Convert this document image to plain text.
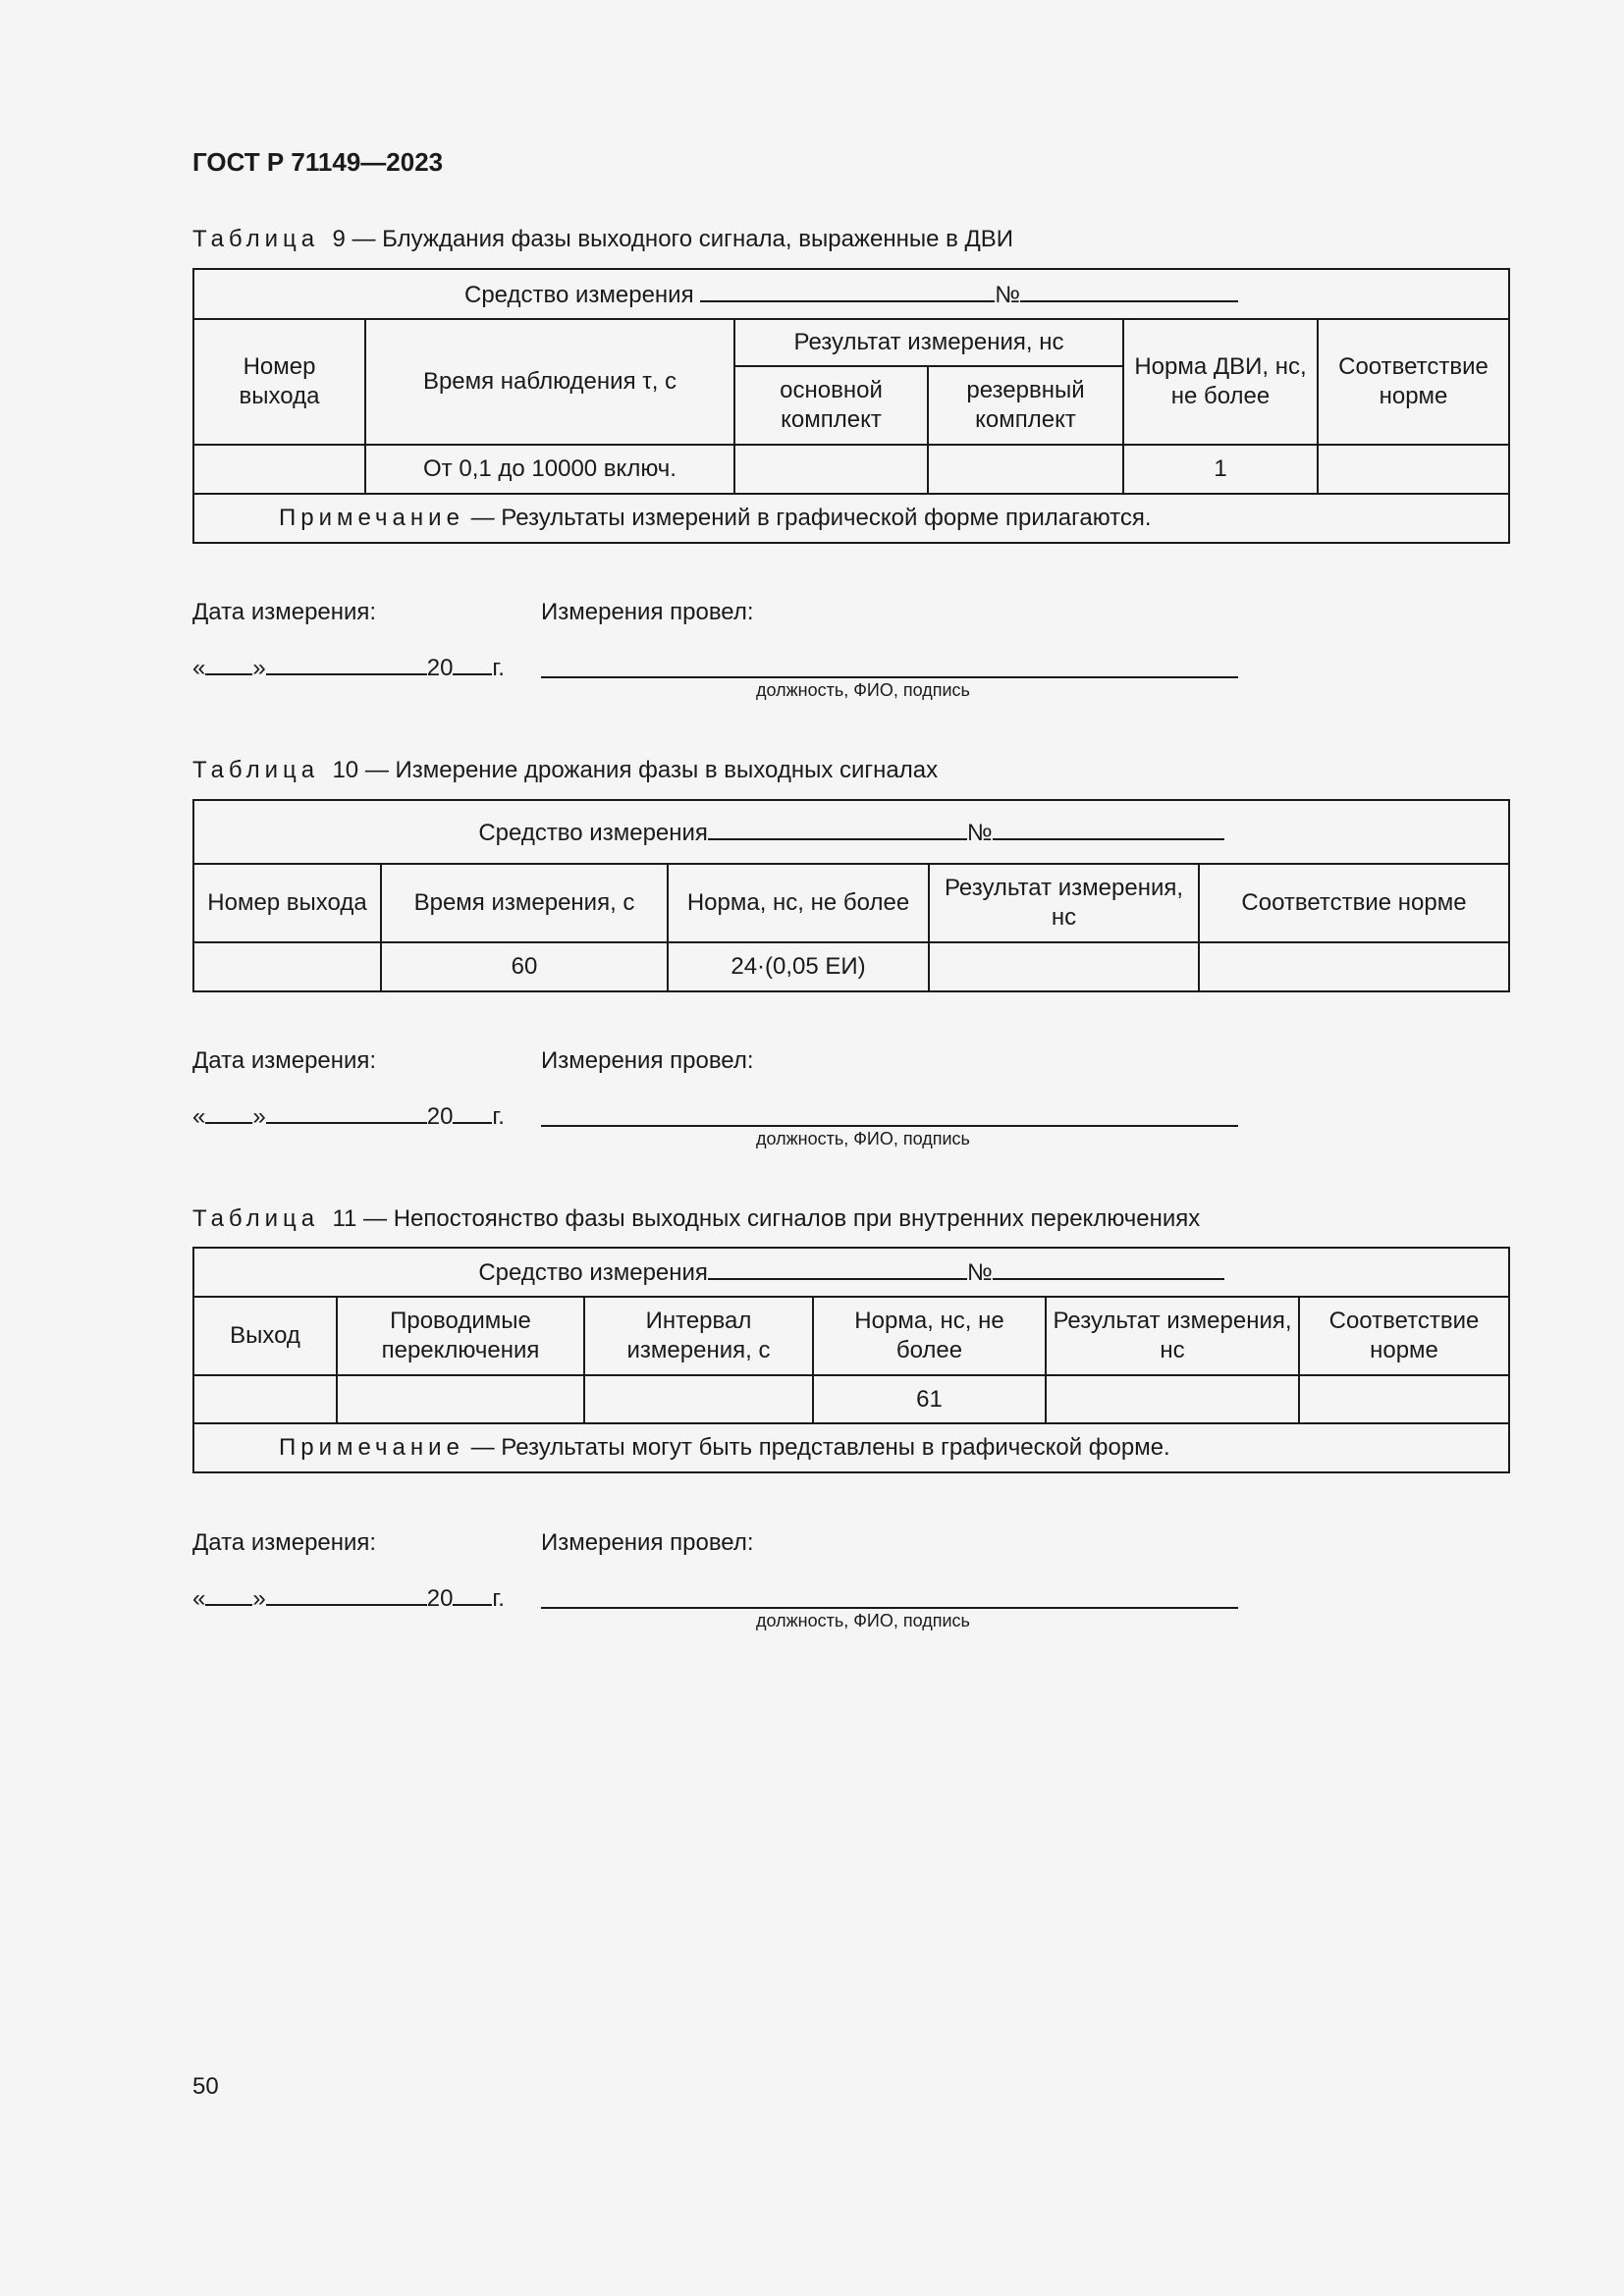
ГОСТ Р 71149—2023
Таблица 9 — Блуждания фазы выходного сигнала, выраженные в ДВИ
Средство измерения №					
Номер выхода	Время наблюдения τ, с	Результат измерения, нс		Норма ДВИ, нс, не более	Соответствие норме
		основной комплект	резервный комплект		
	От 0,1 до 10000 включ.			1	
Примечание — Результаты измерений в графической форме прилагаются.					
Дата измерения:	Измерения провел:
« »	20 г.
должность, ФИО, подпись
Таблица 10 — Измерение дрожания фазы в выходных сигналах
Средство измерения №				
Номер выхода	Время измерения, с	Норма, нс, не более	Результат измерения, нс	Соответствие норме
	60	24·(0,05 ЕИ)		
Дата измерения:	Измерения провел:
« »	20 г.
должность, ФИО, подпись
Таблица 11 — Непостоянство фазы выходных сигналов при внутренних переключениях
Средство измерения №					
Выход	Проводимые переключения	Интервал измерения, с	Норма, нс, не более	Результат измерения, нс	Соответствие норме
			61		
Примечание — Результаты могут быть представлены в графической форме.					
Дата измерения:	Измерения провел:
« »	20 г.
должность, ФИО, подпись
50
